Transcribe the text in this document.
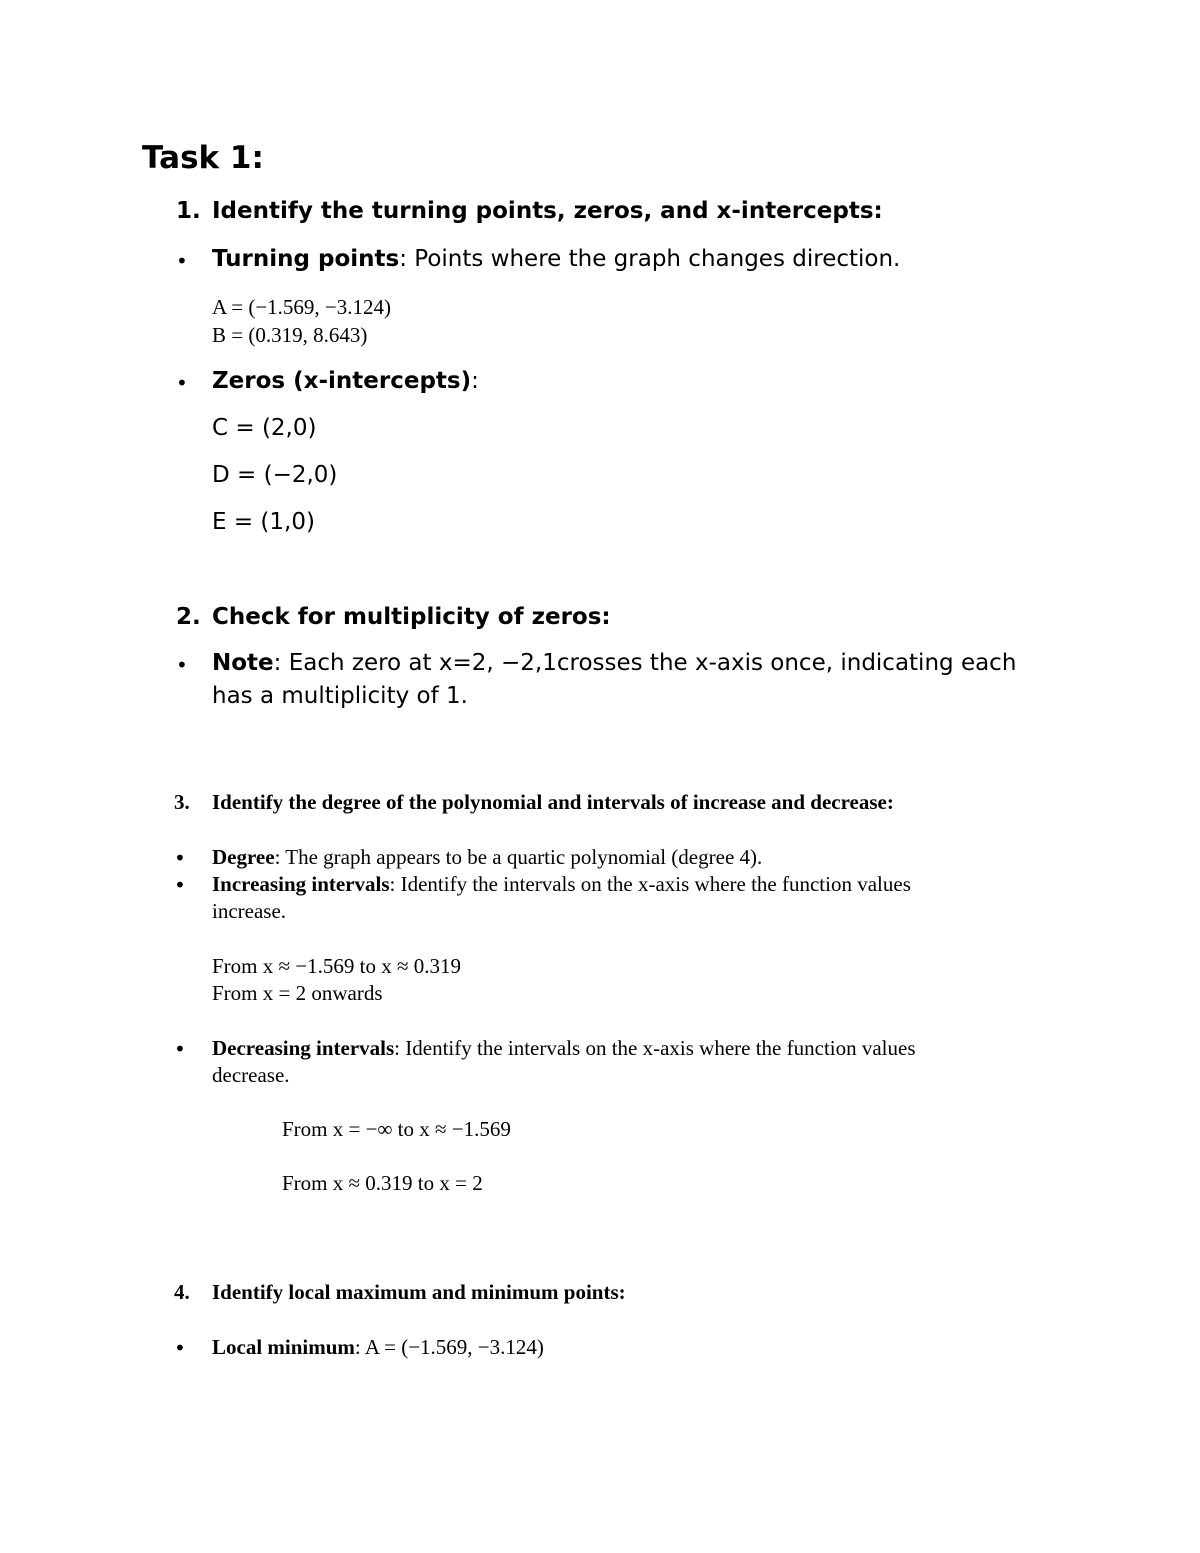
Task 1:
1. Identify the turning points, zeros, and x-intercepts:
• Turning points: Points where the graph changes direction.
A = (−1.569, −3.124)
B = (0.319, 8.643)
• Zeros (x-intercepts):
C = (2,0)
D = (−2,0)
E = (1,0)
2. Check for multiplicity of zeros:
• Note: Each zero at x=2, −2,1crosses the x-axis once, indicating each
has a multiplicity of 1.
3. Identify the degree of the polynomial and intervals of increase and decrease:
• Degree: The graph appears to be a quartic polynomial (degree 4).
• Increasing intervals: Identify the intervals on the x-axis where the function values
increase.
From x ≈ −1.569 to x ≈ 0.319
From x = 2 onwards
• Decreasing intervals: Identify the intervals on the x-axis where the function values
decrease.
From x = −∞ to x ≈ −1.569
From x ≈ 0.319 to x = 2
4. Identify local maximum and minimum points:
• Local minimum: A = (−1.569, −3.124)
